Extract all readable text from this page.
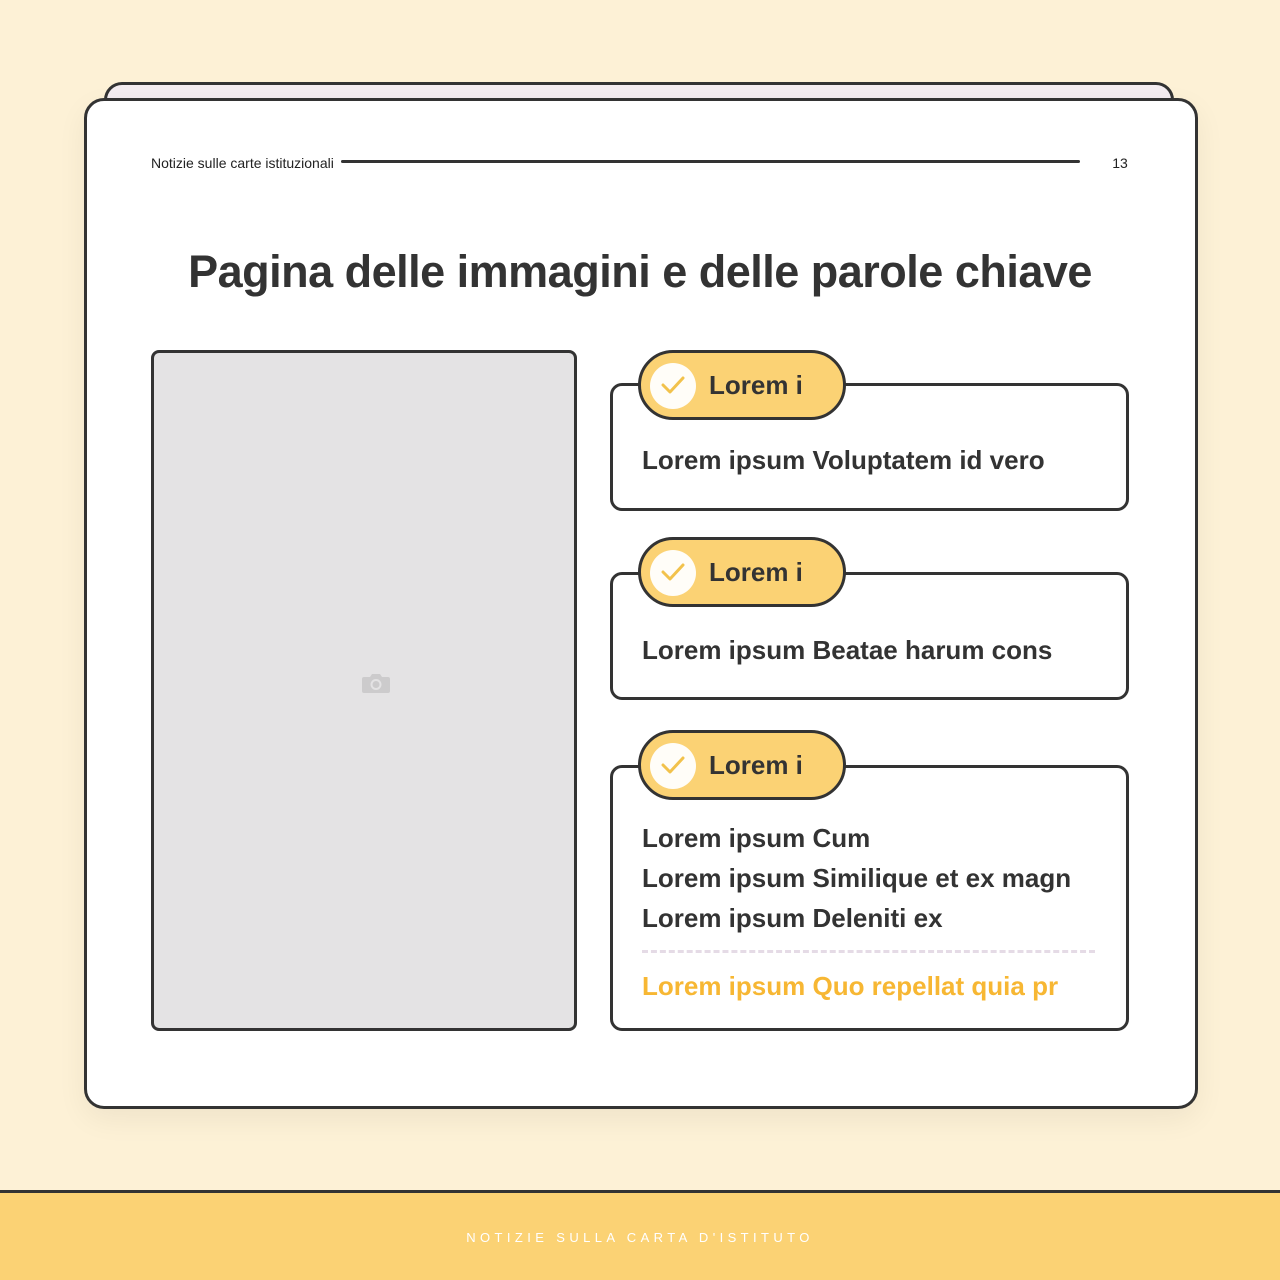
Notizie sulle carte istituzionali	13
Pagina delle immagini e delle parole chiave
Lorem i
Lorem ipsum Voluptatem id vero
Lorem i
Lorem ipsum Beatae harum cons
Lorem i
Lorem ipsum Cum
Lorem ipsum Similique et ex magn
Lorem ipsum Deleniti ex
Lorem ipsum Quo repellat quia pr
NOTIZIE SULLA CARTA D'ISTITUTO
